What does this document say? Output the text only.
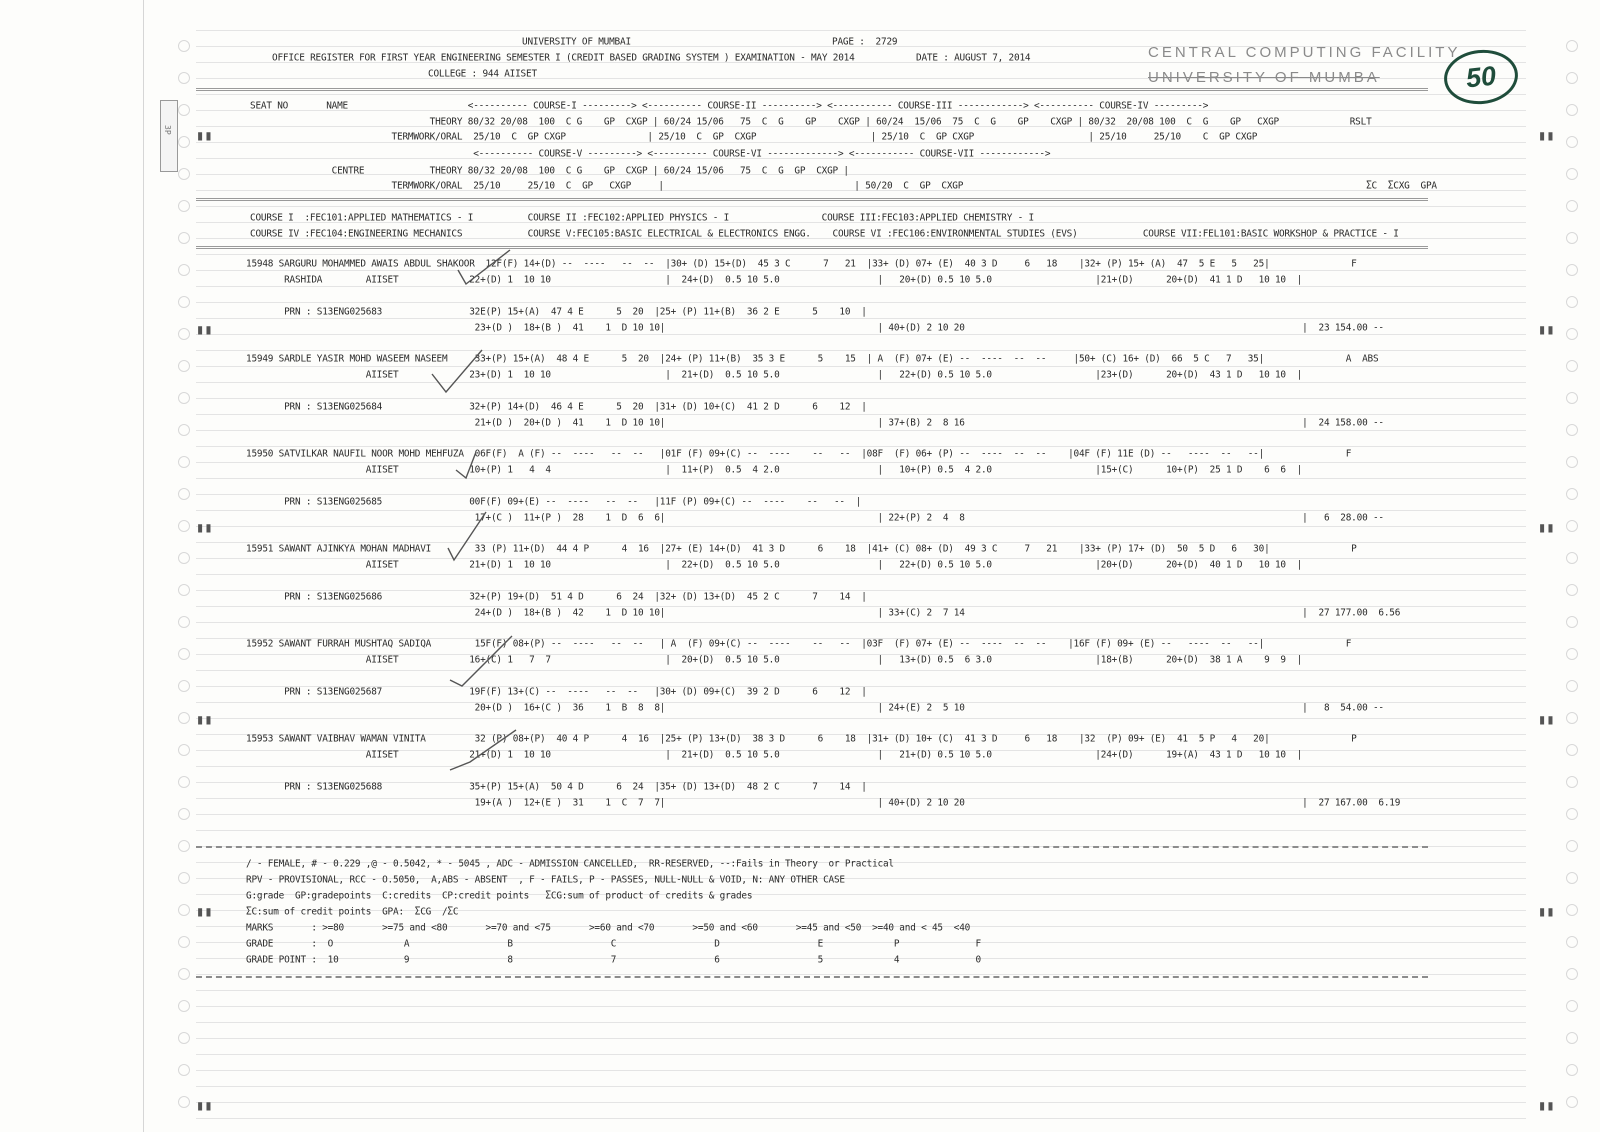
3P
UNIVERSITY OF MUMBAI	PAGE :  2729
OFFICE REGISTER FOR FIRST YEAR ENGINEERING SEMESTER I (CREDIT BASED GRADING SYSTEM ) EXAMINATION - MAY 2014	DATE : AUGUST 7, 2014
COLLEGE : 944 AIISET
CENTRAL COMPUTING FACILITY
UNIVERSITY OF MUMBA	50
SEAT NO       NAME                      <---------- COURSE-I ---------> <---------- COURSE-II ----------> <----------- COURSE-III ------------> <---------- COURSE-IV --------->
THEORY 80/32 20/08  100  C G    GP  CXGP | 60/24 15/06   75  C  G    GP    CXGP | 60/24  15/06  75  C  G    GP    CXGP | 80/32  20/08 100  C  G    GP   CXGP             RSLT
TERMWORK/ORAL  25/10  C  GP CXGP               | 25/10  C  GP  CXGP                     | 25/10  C  GP CXGP                     | 25/10     25/10    C  GP CXGP
<---------- COURSE-V ---------> <---------- COURSE-VI -------------> <----------- COURSE-VII ------------>
CENTRE            THEORY 80/32 20/08  100  C G    GP  CXGP | 60/24 15/06   75  C  G  GP  CXGP |
TERMWORK/ORAL  25/10     25/10  C  GP   CXGP     |                                   | 50/20  C  GP  CXGP                                                                          ΣC  ΣCXG  GPA
COURSE I  :FEC101:APPLIED MATHEMATICS - I          COURSE II :FEC102:APPLIED PHYSICS - I                 COURSE III:FEC103:APPLIED CHEMISTRY - I
COURSE IV :FEC104:ENGINEERING MECHANICS            COURSE V:FEC105:BASIC ELECTRICAL & ELECTRONICS ENGG.    COURSE VI :FEC106:ENVIRONMENTAL STUDIES (EVS)            COURSE VII:FEL101:BASIC WORKSHOP & PRACTICE - I
15948 SARGURU MOHAMMED AWAIS ABDUL SHAKOOR  12F(F) 14+(D) --  ----   --  --  |30+ (D) 15+(D)  45 3 C      7   21  |33+ (D) 07+ (E)  40 3 D     6   18    |32+ (P) 15+ (A)  47  5 E   5   25|               F
RASHIDA        AIISET             22+(D) 1  10 10                     |  24+(D)  0.5 10 5.0                  |   20+(D) 0.5 10 5.0                   |21+(D)      20+(D)  41 1 D   10 10  |
PRN : S13ENG025683                32E(P) 15+(A)  47 4 E      5  20  |25+ (P) 11+(B)  36 2 E      5    10  |
23+(D )  18+(B )  41    1  D 10 10|                                       | 40+(D) 2 10 20                                                              |  23 154.00 --
15949 SARDLE YASIR MOHD WASEEM NASEEM     33+(P) 15+(A)  48 4 E      5  20  |24+ (P) 11+(B)  35 3 E      5    15  | A  (F) 07+ (E) --  ----  --  --     |50+ (C) 16+ (D)  66  5 C   7   35|               A  ABS
AIISET             23+(D) 1  10 10                     |  21+(D)  0.5 10 5.0                  |   22+(D) 0.5 10 5.0                   |23+(D)      20+(D)  43 1 D   10 10  |
PRN : S13ENG025684                32+(P) 14+(D)  46 4 E      5  20  |31+ (D) 10+(C)  41 2 D      6    12  |
21+(D )  20+(D )  41    1  D 10 10|                                       | 37+(B) 2  8 16                                                              |  24 158.00 --
15950 SATVILKAR NAUFIL NOOR MOHD MEHFUZA  06F(F)  A (F) --  ----   --  --   |01F (F) 09+(C) --  ----    --   --  |08F  (F) 06+ (P) --  ----  --  --    |04F (F) 11E (D) --   ----  --   --|               F
AIISET             10+(P) 1   4  4                     |  11+(P)  0.5  4 2.0                  |   10+(P) 0.5  4 2.0                   |15+(C)      10+(P)  25 1 D    6  6  |
PRN : S13ENG025685                00F(F) 09+(E) --  ----   --  --   |11F (P) 09+(C) --  ----    --   --  |
17+(C )  11+(P )  28    1  D  6  6|                                       | 22+(P) 2  4  8                                                              |   6  28.00 --
15951 SAWANT AJINKYA MOHAN MADHAVI        33 (P) 11+(D)  44 4 P      4  16  |27+ (E) 14+(D)  41 3 D      6    18  |41+ (C) 08+ (D)  49 3 C     7   21    |33+ (P) 17+ (D)  50  5 D   6   30|               P
AIISET             21+(D) 1  10 10                     |  22+(D)  0.5 10 5.0                  |   22+(D) 0.5 10 5.0                   |20+(D)      20+(D)  40 1 D   10 10  |
PRN : S13ENG025686                32+(P) 19+(D)  51 4 D      6  24  |32+ (D) 13+(D)  45 2 C      7    14  |
24+(D )  18+(B )  42    1  D 10 10|                                       | 33+(C) 2  7 14                                                              |  27 177.00  6.56
15952 SAWANT FURRAH MUSHTAQ SADIQA        15F(F) 08+(P) --  ----   --  --   | A  (F) 09+(C) --  ----    --   --  |03F  (F) 07+ (E) --  ----  --  --    |16F (F) 09+ (E) --   ----  --   --|               F
AIISET             16+(C) 1   7  7                     |  20+(D)  0.5 10 5.0                  |   13+(D) 0.5  6 3.0                   |18+(B)      20+(D)  38 1 A    9  9  |
PRN : S13ENG025687                19F(F) 13+(C) --  ----   --  --   |30+ (D) 09+(C)  39 2 D      6    12  |
20+(D )  16+(C )  36    1  B  8  8|                                       | 24+(E) 2  5 10                                                              |   8  54.00 --
15953 SAWANT VAIBHAV WAMAN VINITA         32 (P) 08+(P)  40 4 P      4  16  |25+ (P) 13+(D)  38 3 D      6    18  |31+ (D) 10+ (C)  41 3 D     6   18    |32  (P) 09+ (E)  41  5 P   4   20|               P
AIISET             21+(D) 1  10 10                     |  21+(D)  0.5 10 5.0                  |   21+(D) 0.5 10 5.0                   |24+(D)      19+(A)  43 1 D   10 10  |
PRN : S13ENG025688                35+(P) 15+(A)  50 4 D      6  24  |35+ (D) 13+(D)  48 2 C      7    14  |
19+(A )  12+(E )  31    1  C  7  7|                                       | 40+(D) 2 10 20                                                              |  27 167.00  6.19
/ - FEMALE, # - 0.229 ,@ - 0.5042, * - 5045 , ADC - ADMISSION CANCELLED,  RR-RESERVED, --:Fails in Theory  or Practical
RPV - PROVISIONAL, RCC - O.5050,  A,ABS - ABSENT  , F - FAILS, P - PASSES, NULL-NULL & VOID, N: ANY OTHER CASE
G:grade  GP:gradepoints  C:credits  CP:credit points   ΣCG:sum of product of credits & grades
ΣC:sum of credit points  GPA:  ΣCG  /ΣC
MARKS       : >=80       >=75 and <80       >=70 and <75       >=60 and <70       >=50 and <60       >=45 and <50  >=40 and < 45  <40
GRADE       :  O             A                  B                  C                  D                  E             P              F
GRADE POINT :  10            9                  8                  7                  6                  5             4              0
▮▮
▮▮
▮▮
▮▮
▮▮
▮▮
▮▮
▮▮
▮▮
▮▮
▮▮
▮▮
